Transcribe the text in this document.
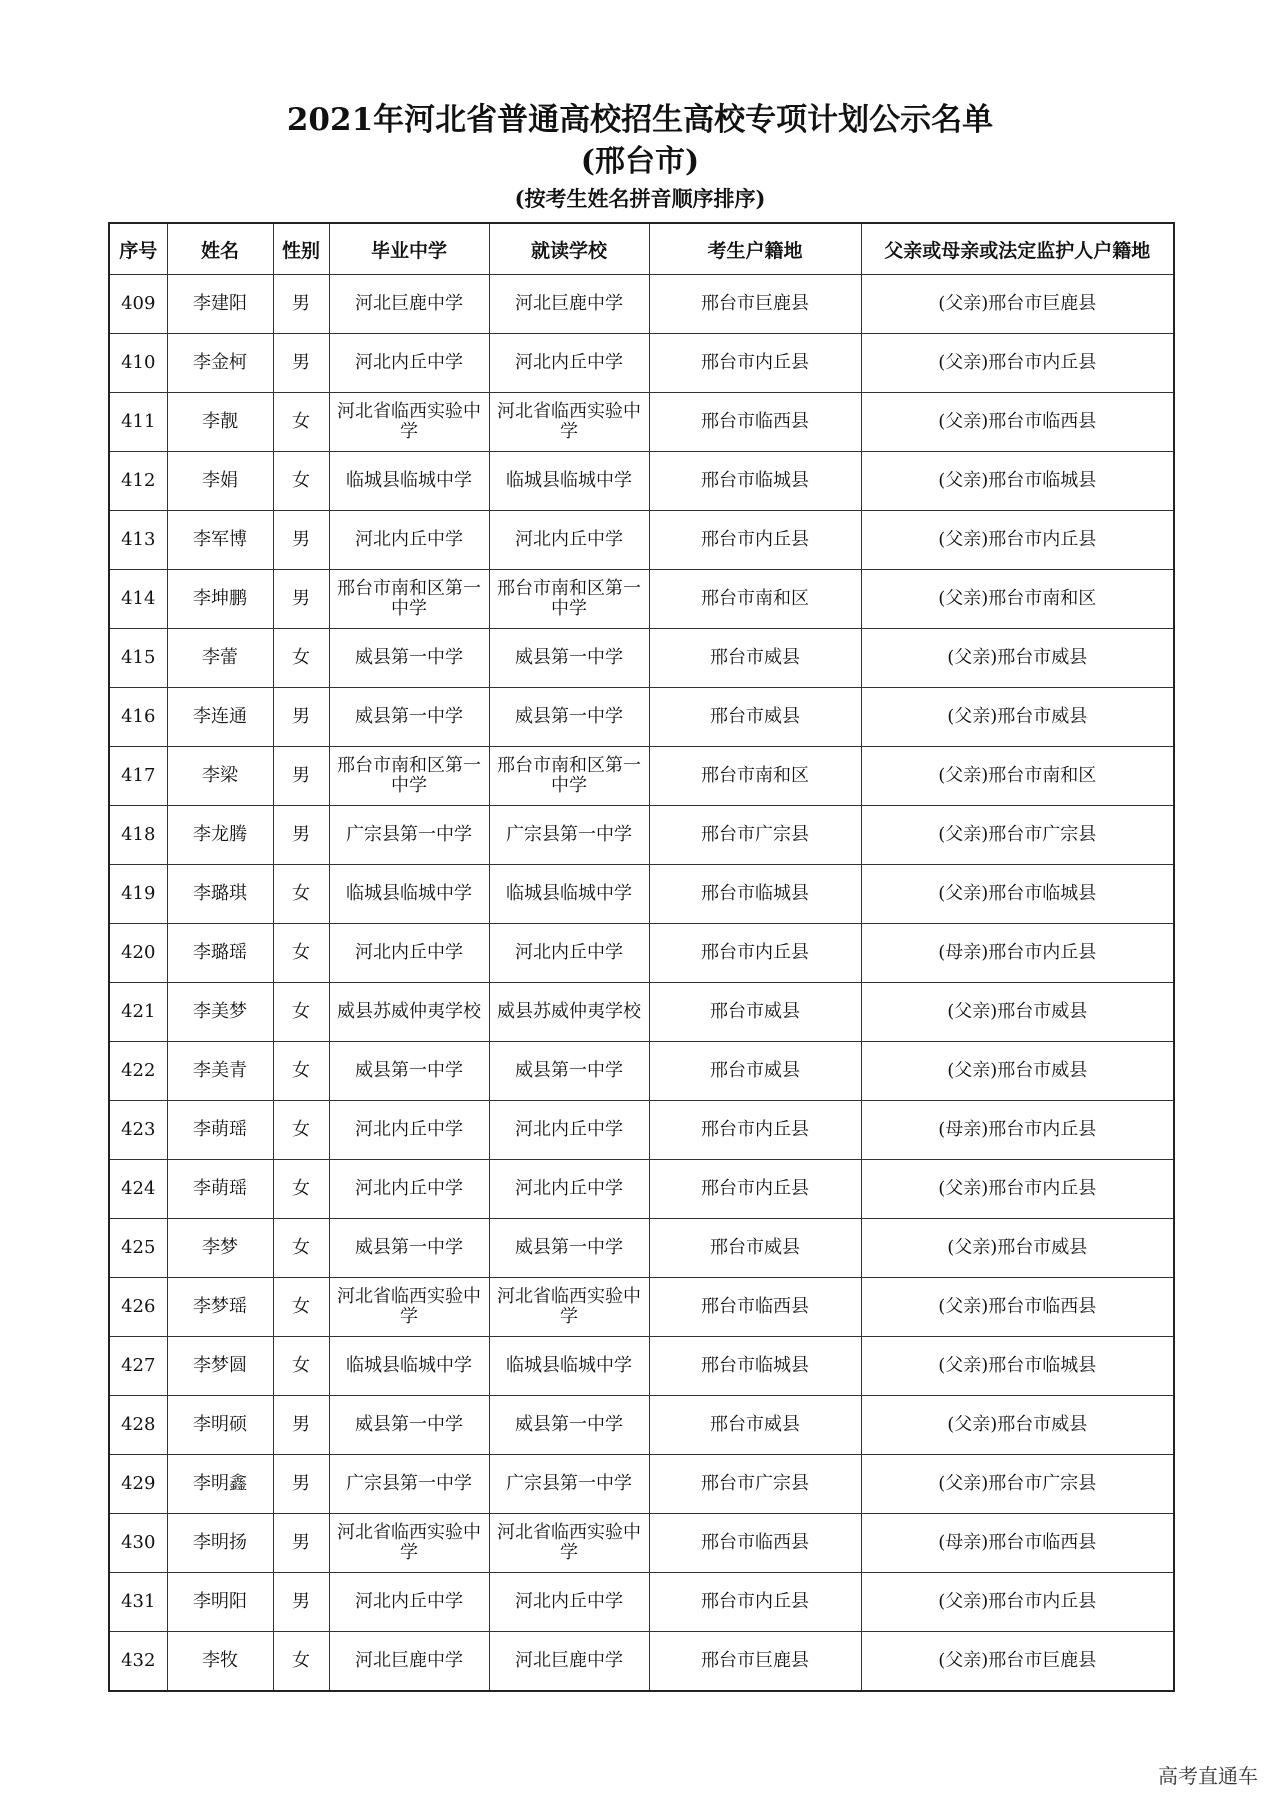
2021年河北省普通高校招生高校专项计划公示名单
(邢台市)
(按考生姓名拼音顺序排序)
序号	姓名	性别	毕业中学	就读学校	考生户籍地	父亲或母亲或法定监护人户籍地
409	李建阳	男	河北巨鹿中学	河北巨鹿中学	邢台市巨鹿县	(父亲)邢台市巨鹿县
410	李金柯	男	河北内丘中学	河北内丘中学	邢台市内丘县	(父亲)邢台市内丘县
411	李靓	女	河北省临西实验中学	河北省临西实验中学	邢台市临西县	(父亲)邢台市临西县
412	李娟	女	临城县临城中学	临城县临城中学	邢台市临城县	(父亲)邢台市临城县
413	李军博	男	河北内丘中学	河北内丘中学	邢台市内丘县	(父亲)邢台市内丘县
414	李坤鹏	男	邢台市南和区第一中学	邢台市南和区第一中学	邢台市南和区	(父亲)邢台市南和区
415	李蕾	女	威县第一中学	威县第一中学	邢台市威县	(父亲)邢台市威县
416	李连通	男	威县第一中学	威县第一中学	邢台市威县	(父亲)邢台市威县
417	李梁	男	邢台市南和区第一中学	邢台市南和区第一中学	邢台市南和区	(父亲)邢台市南和区
418	李龙腾	男	广宗县第一中学	广宗县第一中学	邢台市广宗县	(父亲)邢台市广宗县
419	李璐琪	女	临城县临城中学	临城县临城中学	邢台市临城县	(父亲)邢台市临城县
420	李璐瑶	女	河北内丘中学	河北内丘中学	邢台市内丘县	(母亲)邢台市内丘县
421	李美梦	女	威县苏威仲夷学校	威县苏威仲夷学校	邢台市威县	(父亲)邢台市威县
422	李美青	女	威县第一中学	威县第一中学	邢台市威县	(父亲)邢台市威县
423	李萌瑶	女	河北内丘中学	河北内丘中学	邢台市内丘县	(母亲)邢台市内丘县
424	李萌瑶	女	河北内丘中学	河北内丘中学	邢台市内丘县	(父亲)邢台市内丘县
425	李梦	女	威县第一中学	威县第一中学	邢台市威县	(父亲)邢台市威县
426	李梦瑶	女	河北省临西实验中学	河北省临西实验中学	邢台市临西县	(父亲)邢台市临西县
427	李梦圆	女	临城县临城中学	临城县临城中学	邢台市临城县	(父亲)邢台市临城县
428	李明硕	男	威县第一中学	威县第一中学	邢台市威县	(父亲)邢台市威县
429	李明鑫	男	广宗县第一中学	广宗县第一中学	邢台市广宗县	(父亲)邢台市广宗县
430	李明扬	男	河北省临西实验中学	河北省临西实验中学	邢台市临西县	(母亲)邢台市临西县
431	李明阳	男	河北内丘中学	河北内丘中学	邢台市内丘县	(父亲)邢台市内丘县
432	李牧	女	河北巨鹿中学	河北巨鹿中学	邢台市巨鹿县	(父亲)邢台市巨鹿县
高考直通车
